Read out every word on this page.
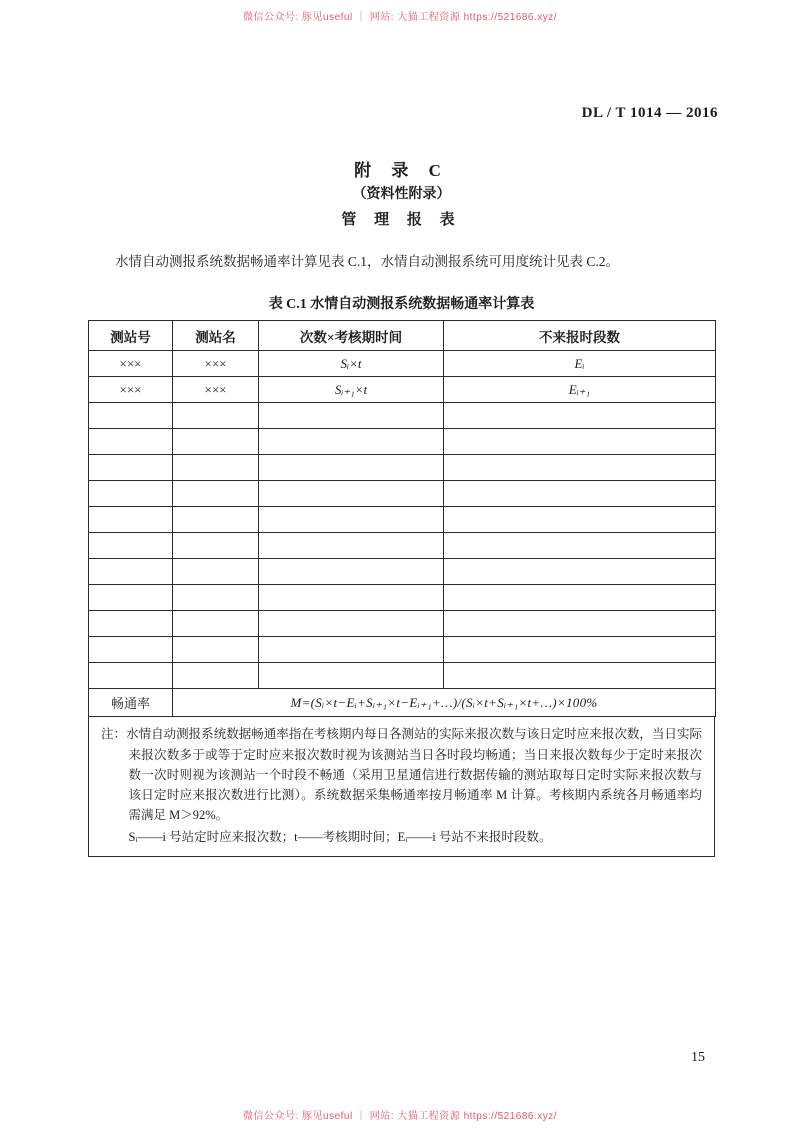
微信公众号: 豚见useful ｜ 网站: 大猫工程资源 https://521686.xyz/
DL / T 1014 — 2016
附 录 C
（资料性附录）
管 理 报 表

水情自动测报系统数据畅通率计算见表 C.1，水情自动测报系统可用度统计见表 C.2。

表 C.1 水情自动测报系统数据畅通率计算表
测站号	测站名	次数×考核期时间	不来报时段数
×××	×××	Sᵢ×t	Eᵢ
×××	×××	Sᵢ₊₁×t	Eᵢ₊₁

畅通率	M=(Sᵢ×t−Eᵢ+Sᵢ₊₁×t−Eᵢ₊₁+…)/(Sᵢ×t+Sᵢ₊₁×t+…)×100%		
注：水情自动测报系统数据畅通率指在考核期内每日各测站的实际来报次数与该日定时应来报次数，当日实际来报次数多于或等于定时应来报次数时视为该测站当日各时段均畅通；当日来报次数每少于定时来报次数一次时则视为该测站一个时段不畅通（采用卫星通信进行数据传输的测站取每日定时实际来报次数与该日定时应来报次数进行比测）。系统数据采集畅通率按月畅通率 M 计算。考核期内系统各月畅通率均需满足 M＞92%。
Sᵢ——i 号站定时应来报次数；t——考核期时间；Eᵢ——i 号站不来报时段数。
15
微信公众号: 豚见useful ｜ 网站: 大猫工程资源 https://521686.xyz/
